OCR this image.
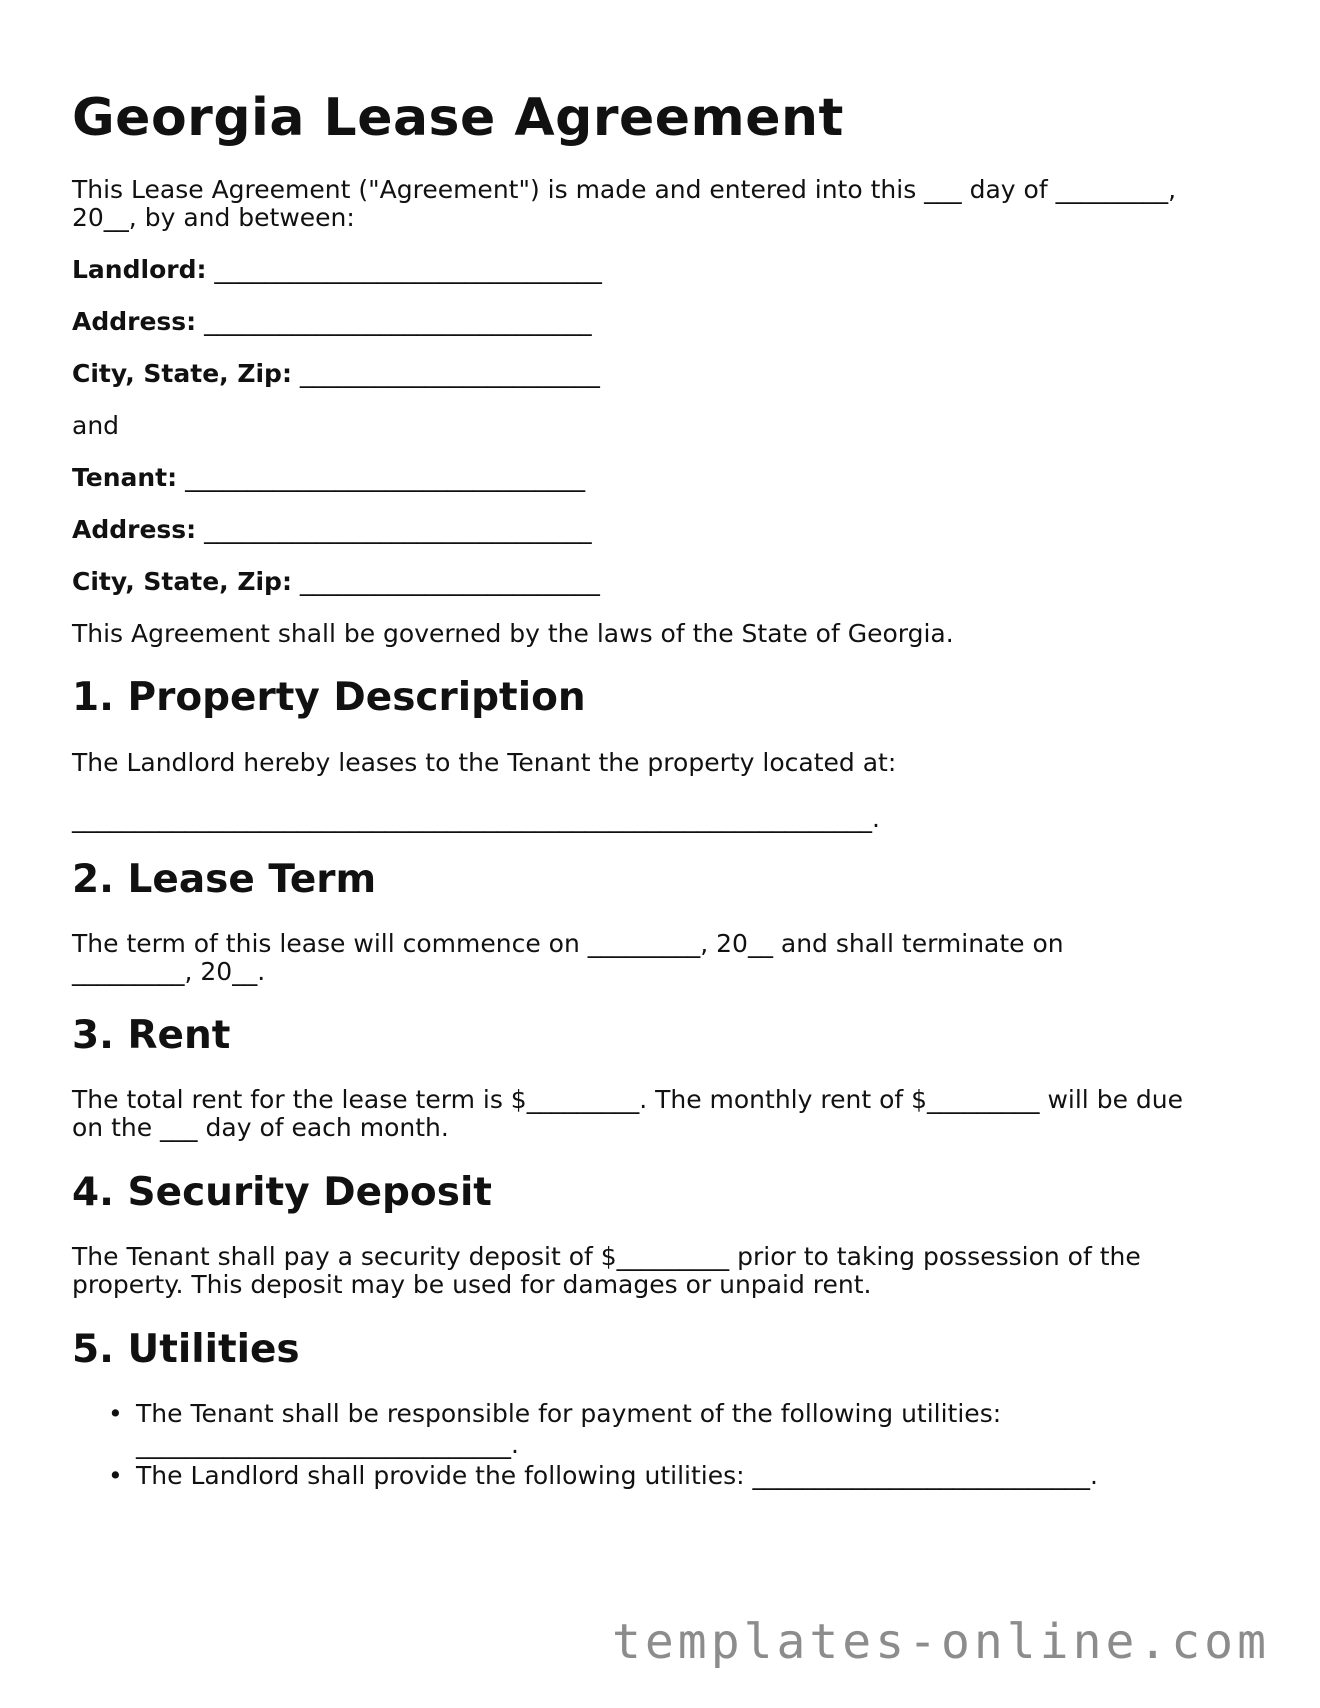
Georgia Lease Agreement

This Lease Agreement ("Agreement") is made and entered into this ___ day of _________,

20__, by and between:

Landlord: _______________________________

Address: _______________________________

City, State, Zip: ________________________

and

Tenant: ________________________________

Address: _______________________________

City, State, Zip: ________________________

This Agreement shall be governed by the laws of the State of Georgia.

1. Property Description

The Landlord hereby leases to the Tenant the property located at:

________________________________________________________________.

2. Lease Term

The term of this lease will commence on _________, 20__ and shall terminate on

_________, 20__.

3. Rent

The total rent for the lease term is $_________. The monthly rent of $_________ will be due

on the ___ day of each month.

4. Security Deposit

The Tenant shall pay a security deposit of $_________ prior to taking possession of the

property. This deposit may be used for damages or unpaid rent.

5. Utilities
• The Tenant shall be responsible for payment of the following utilities:
______________________________.
• The Landlord shall provide the following utilities: ___________________________.
templates-online.com
